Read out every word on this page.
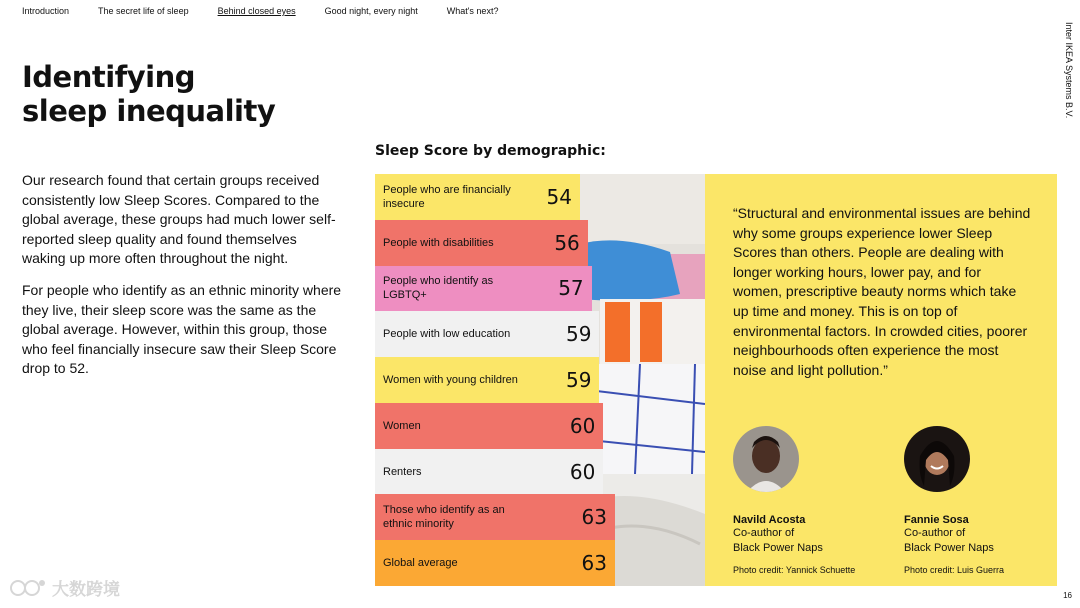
Introduction	The secret life of sleep	Behind closed eyes	Good night, every night	What's next?
Inter IKEA Systems B.V.
Identifying
sleep inequality

Our research found that certain groups received consistently low Sleep Scores. Compared to the global average, these groups had much lower self-reported sleep quality and found themselves waking up more often throughout the night.

For people who identify as an ethnic minority where they live, their sleep score was the same as the global average. However, within this group, those who feel financially insecure saw their Sleep Score drop to 52.

Sleep Score by demographic:
People who are financially insecure	54
People with disabilities	56
People who identify as LGBTQ+	57
People with low education	59
Women with young children 59
Women	60
Renters	60
Those who identify as an ethnic minority	63
Global average	63
“Structural and environmental issues are behind why some groups experience lower Sleep Scores than others. People are dealing with longer working hours, lower pay, and for women, prescriptive beauty norms which take up time and money. This is on top of environmental factors. In crowded cities, poorer neighbourhoods often experience the most noise and light pollution.”
Navild Acosta
Co-author of
Black Power Naps
Photo credit: Yannick Schuette
Fannie Sosa
Co-author of
Black Power Naps
Photo credit: Luis Guerra
大数跨境	16
